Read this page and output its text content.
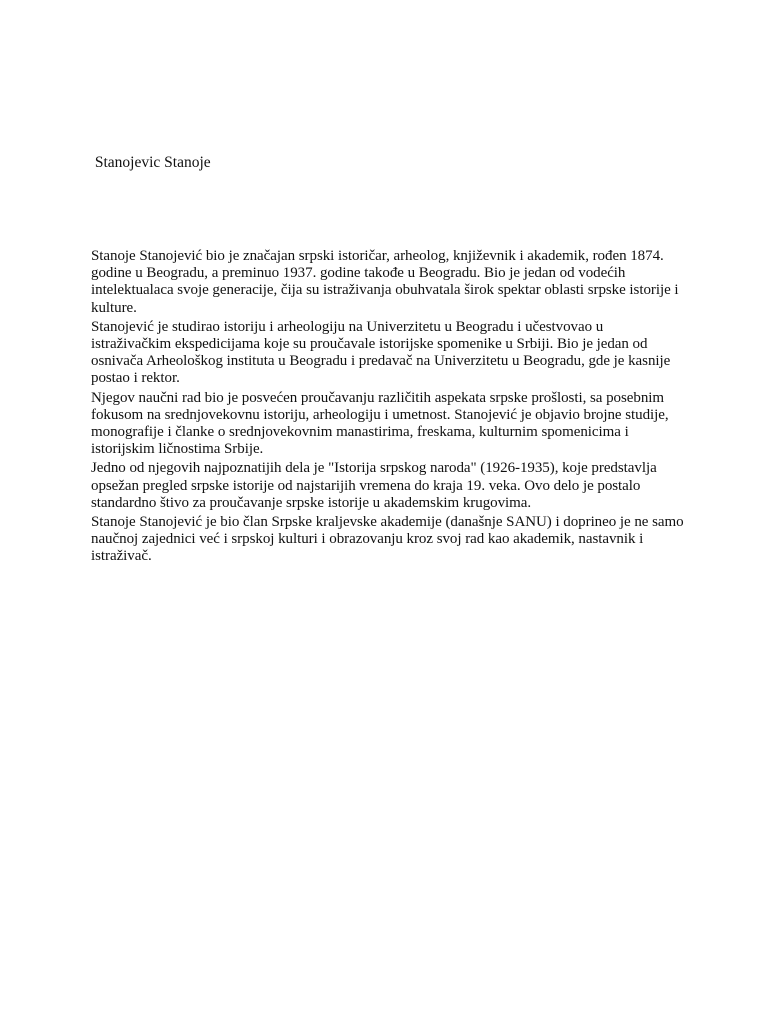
Stanojevic Stanoje

Stanoje Stanojević bio je značajan srpski istoričar, arheolog, književnik i akademik, rođen 1874. godine u Beogradu, a preminuo 1937. godine takođe u Beogradu. Bio je jedan od vodećih intelektualaca svoje generacije, čija su istraživanja obuhvatala širok spektar oblasti srpske istorije i kulture.

Stanojević je studirao istoriju i arheologiju na Univerzitetu u Beogradu i učestvovao u istraživačkim ekspedicijama koje su proučavale istorijske spomenike u Srbiji. Bio je jedan od osnivača Arheološkog instituta u Beogradu i predavač na Univerzitetu u Beogradu, gde je kasnije postao i rektor.

Njegov naučni rad bio je posvećen proučavanju različitih aspekata srpske prošlosti, sa posebnim fokusom na srednjovekovnu istoriju, arheologiju i umetnost. Stanojević je objavio brojne studije, monografije i članke o srednjovekovnim manastirima, freskama, kulturnim spomenicima i istorijskim ličnostima Srbije.

Jedno od njegovih najpoznatijih dela je "Istorija srpskog naroda" (1926-1935), koje predstavlja opsežan pregled srpske istorije od najstarijih vremena do kraja 19. veka. Ovo delo je postalo standardno štivo za proučavanje srpske istorije u akademskim krugovima.

Stanoje Stanojević je bio član Srpske kraljevske akademije (današnje SANU) i doprineo je ne samo naučnoj zajednici već i srpskoj kulturi i obrazovanju kroz svoj rad kao akademik, nastavnik i istraživač.
